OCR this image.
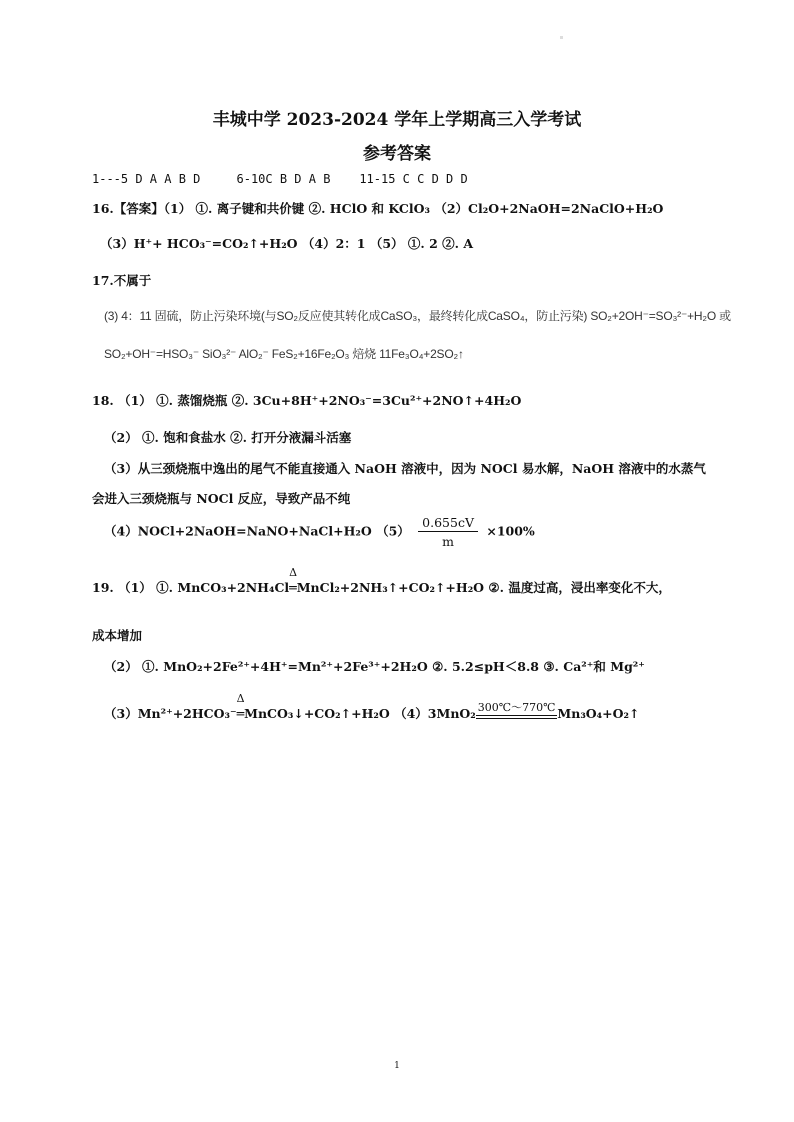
丰城中学 2023-2024 学年上学期高三入学考试
参考答案
1---5 D A A B D	6-10C B D A B 11-15 C C D D D
16.【答案】（1） ①. 离子键和共价键 ②. HClO 和 KClO₃ （2）Cl₂O+2NaOH=2NaClO+H₂O
（3）H⁺+ HCO₃⁻=CO₂↑+H₂O （4）2：1 （5） ①. 2 ②. A
17.不属于
(3) 4：11 固硫，防止污染环境(与SO₂反应使其转化成CaSO₃，最终转化成CaSO₄，防止污染) SO₂+2OH⁻=SO₃²⁻+H₂O 或
SO₂+OH⁻=HSO₃⁻ SiO₃²⁻ AlO₂⁻ FeS₂+16Fe₂O₃ 焙烧 11Fe₃O₄+2SO₂↑
18. （1） ①. 蒸馏烧瓶 ②. 3Cu+8H⁺+2NO₃⁻=3Cu²⁺+2NO↑+4H₂O
（2） ①. 饱和食盐水 ②. 打开分液漏斗活塞
（3）从三颈烧瓶中逸出的尾气不能直接通入 NaOH 溶液中，因为 NOCl 易水解，NaOH 溶液中的水蒸气
会进入三颈烧瓶与 NOCl 反应，导致产品不纯
（4）NOCl+2NaOH=NaNO+NaCl+H₂O $(5) \frac{0.655cV}{m} \times 100\%$
19. （1） ①. MnCO₃+2NH₄Cl
Δ
═MnCl₂+2NH₃↑+CO₂↑+H₂O ②. 温度过高，浸出率变化不大，
成本增加
（2） ①. MnO₂+2Fe²⁺+4H⁺=Mn²⁺+2Fe³⁺+2H₂O ②. 5.2≤pH＜8.8 ③. Ca²⁺和 Mg²⁺
（3）Mn²⁺+2HCO₃⁻
Δ
═MnCO₃↓+CO₂↑+H₂O （4）3MnO₂ 300℃～770℃ Mn₃O₄+O₂↑
1
